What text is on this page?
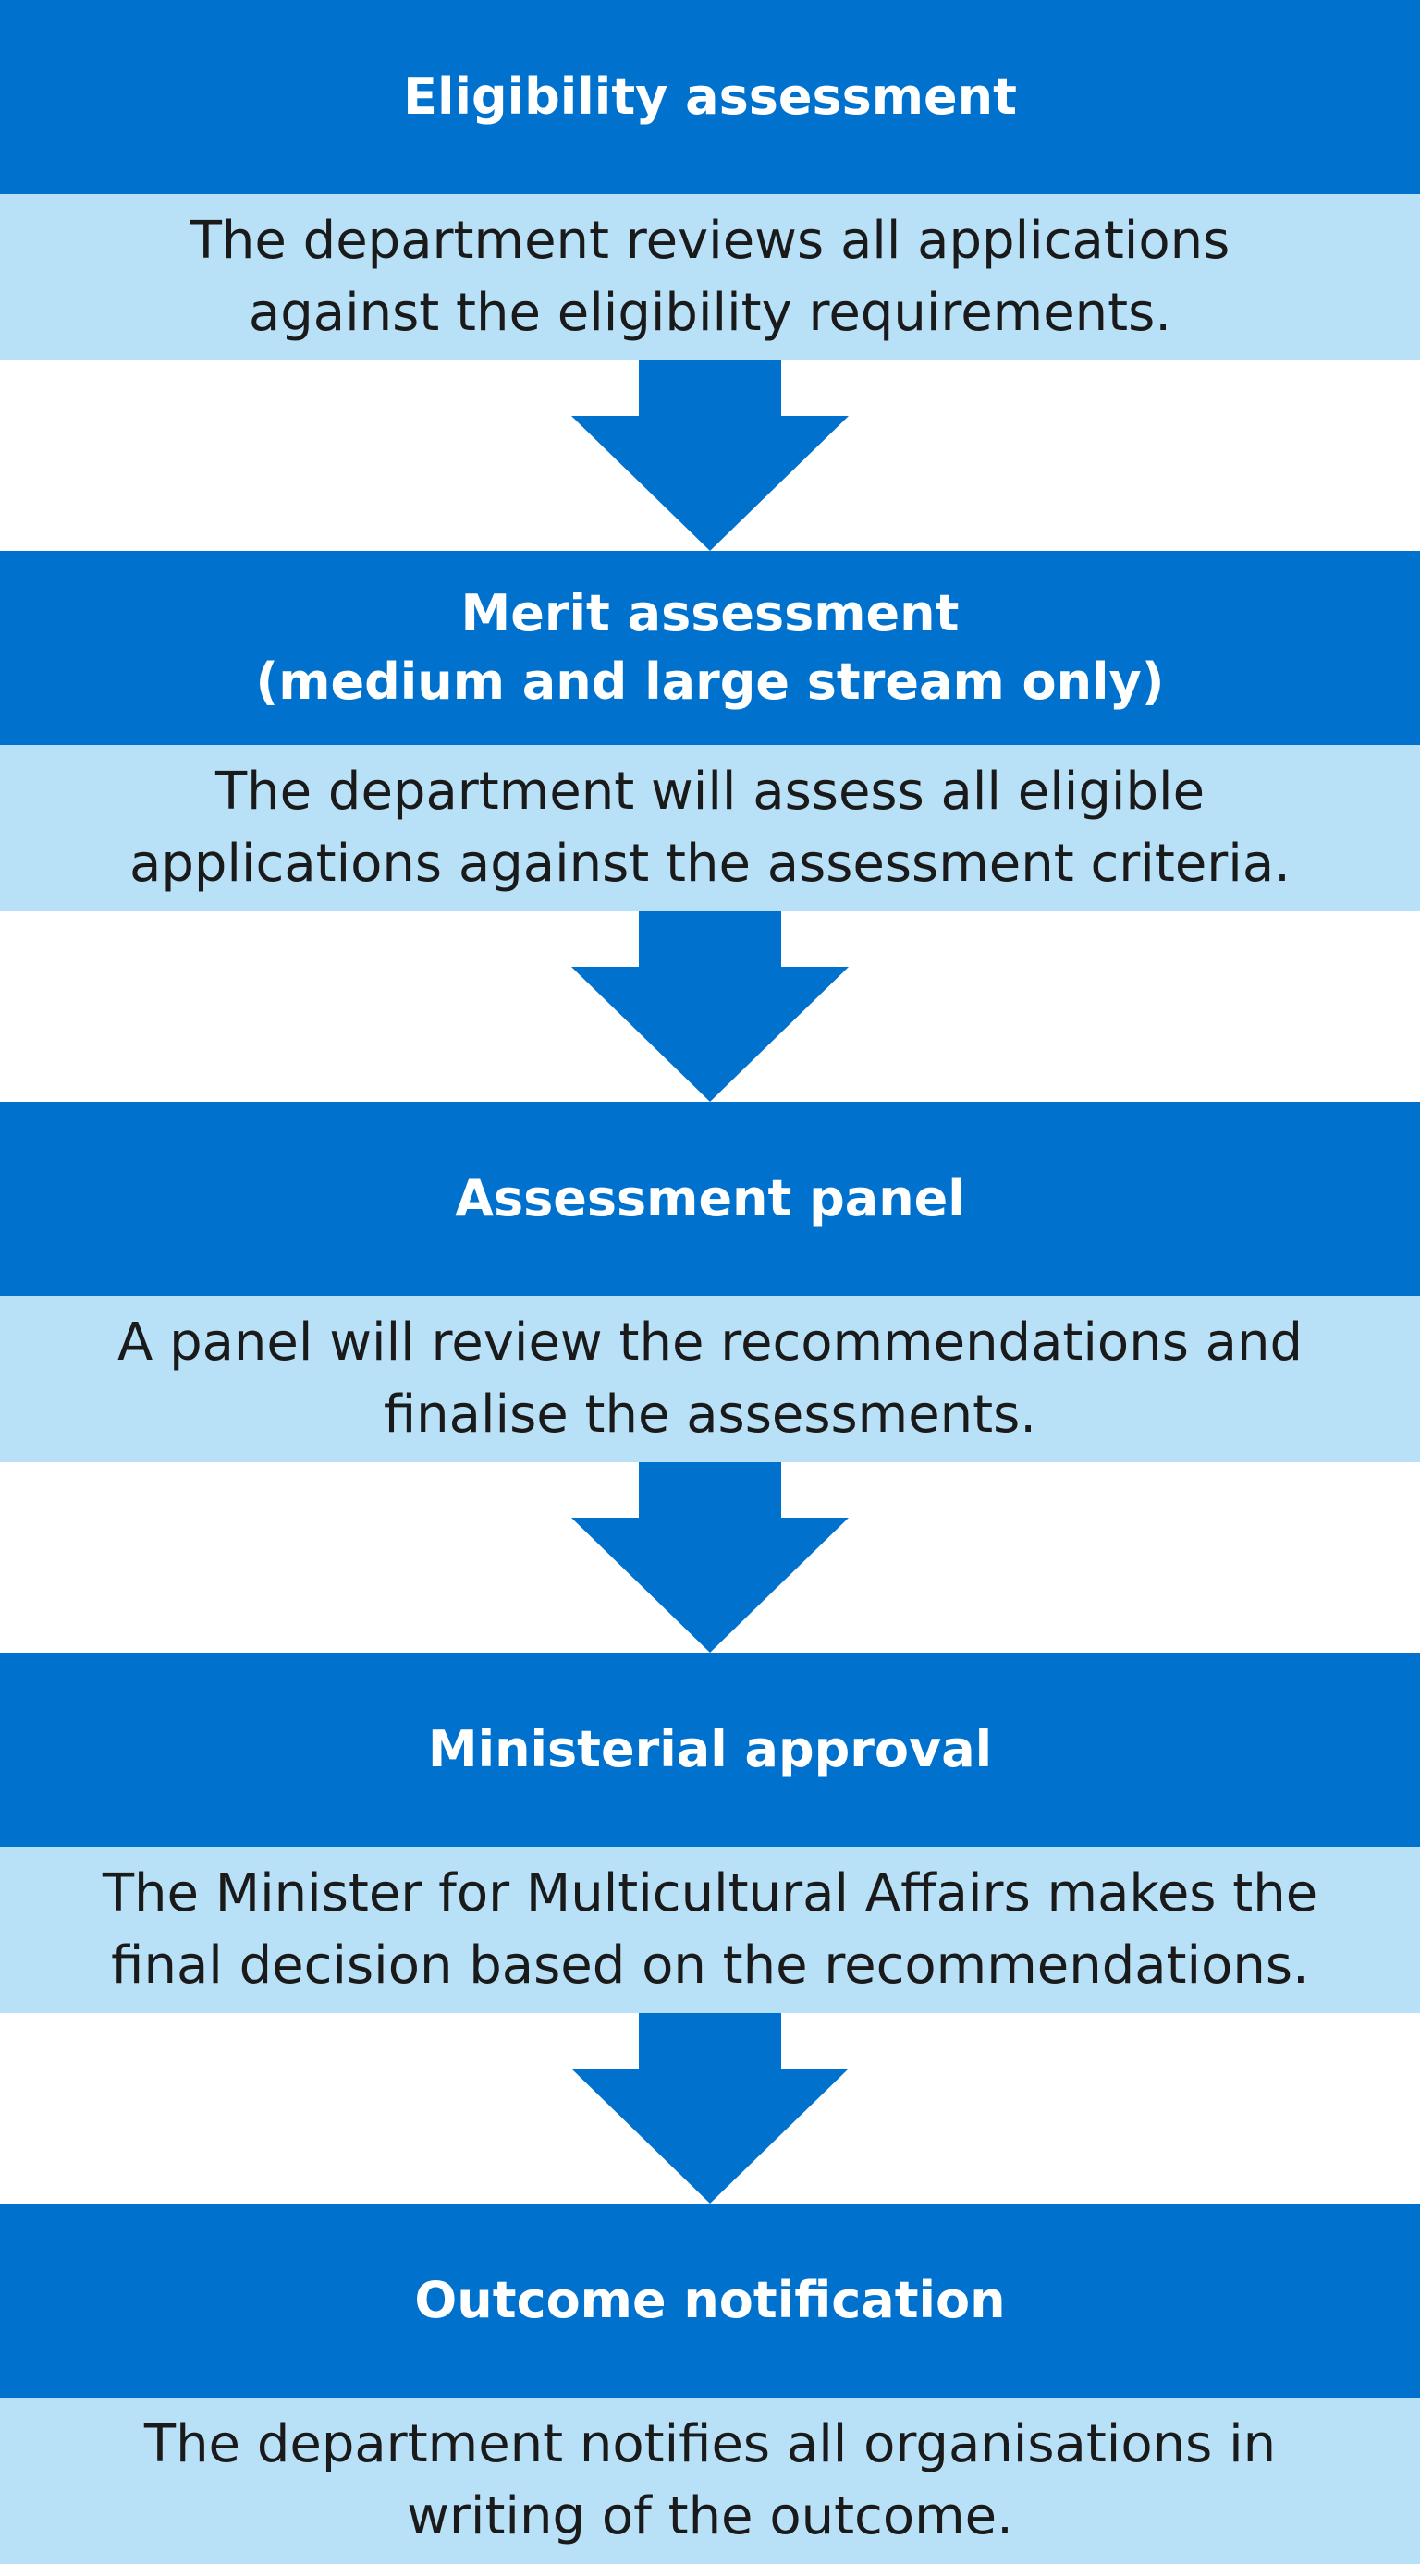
Eligibility assessment
The department reviews all applications
against the eligibility requirements.
Merit assessment
(medium and large stream only)
The department will assess all eligible
applications against the assessment criteria.
Assessment panel
A panel will review the recommendations and
finalise the assessments.
Ministerial approval
The Minister for Multicultural Affairs makes the
final decision based on the recommendations.
Outcome notification
The department notifies all organisations in
writing of the outcome.
